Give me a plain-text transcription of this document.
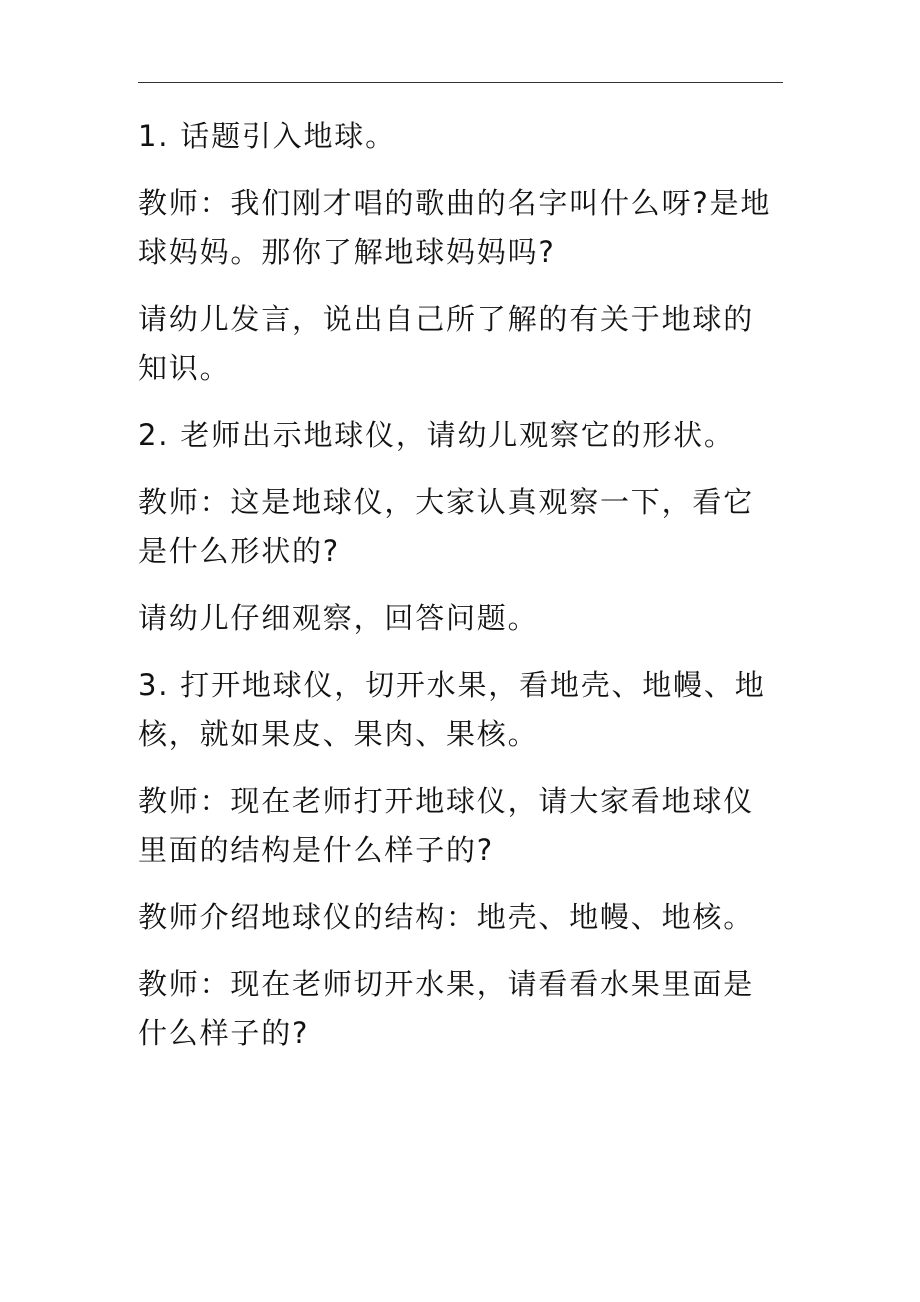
1. 话题引入地球。

教师：我们刚才唱的歌曲的名字叫什么呀?是地球妈妈。那你了解地球妈妈吗?

请幼儿发言，说出自己所了解的有关于地球的知识。

2. 老师出示地球仪，请幼儿观察它的形状。

教师：这是地球仪，大家认真观察一下，看它是什么形状的?

请幼儿仔细观察，回答问题。

3. 打开地球仪，切开水果，看地壳、地幔、地核，就如果皮、果肉、果核。

教师：现在老师打开地球仪，请大家看地球仪里面的结构是什么样子的?

教师介绍地球仪的结构：地壳、地幔、地核。

教师：现在老师切开水果，请看看水果里面是什么样子的?
